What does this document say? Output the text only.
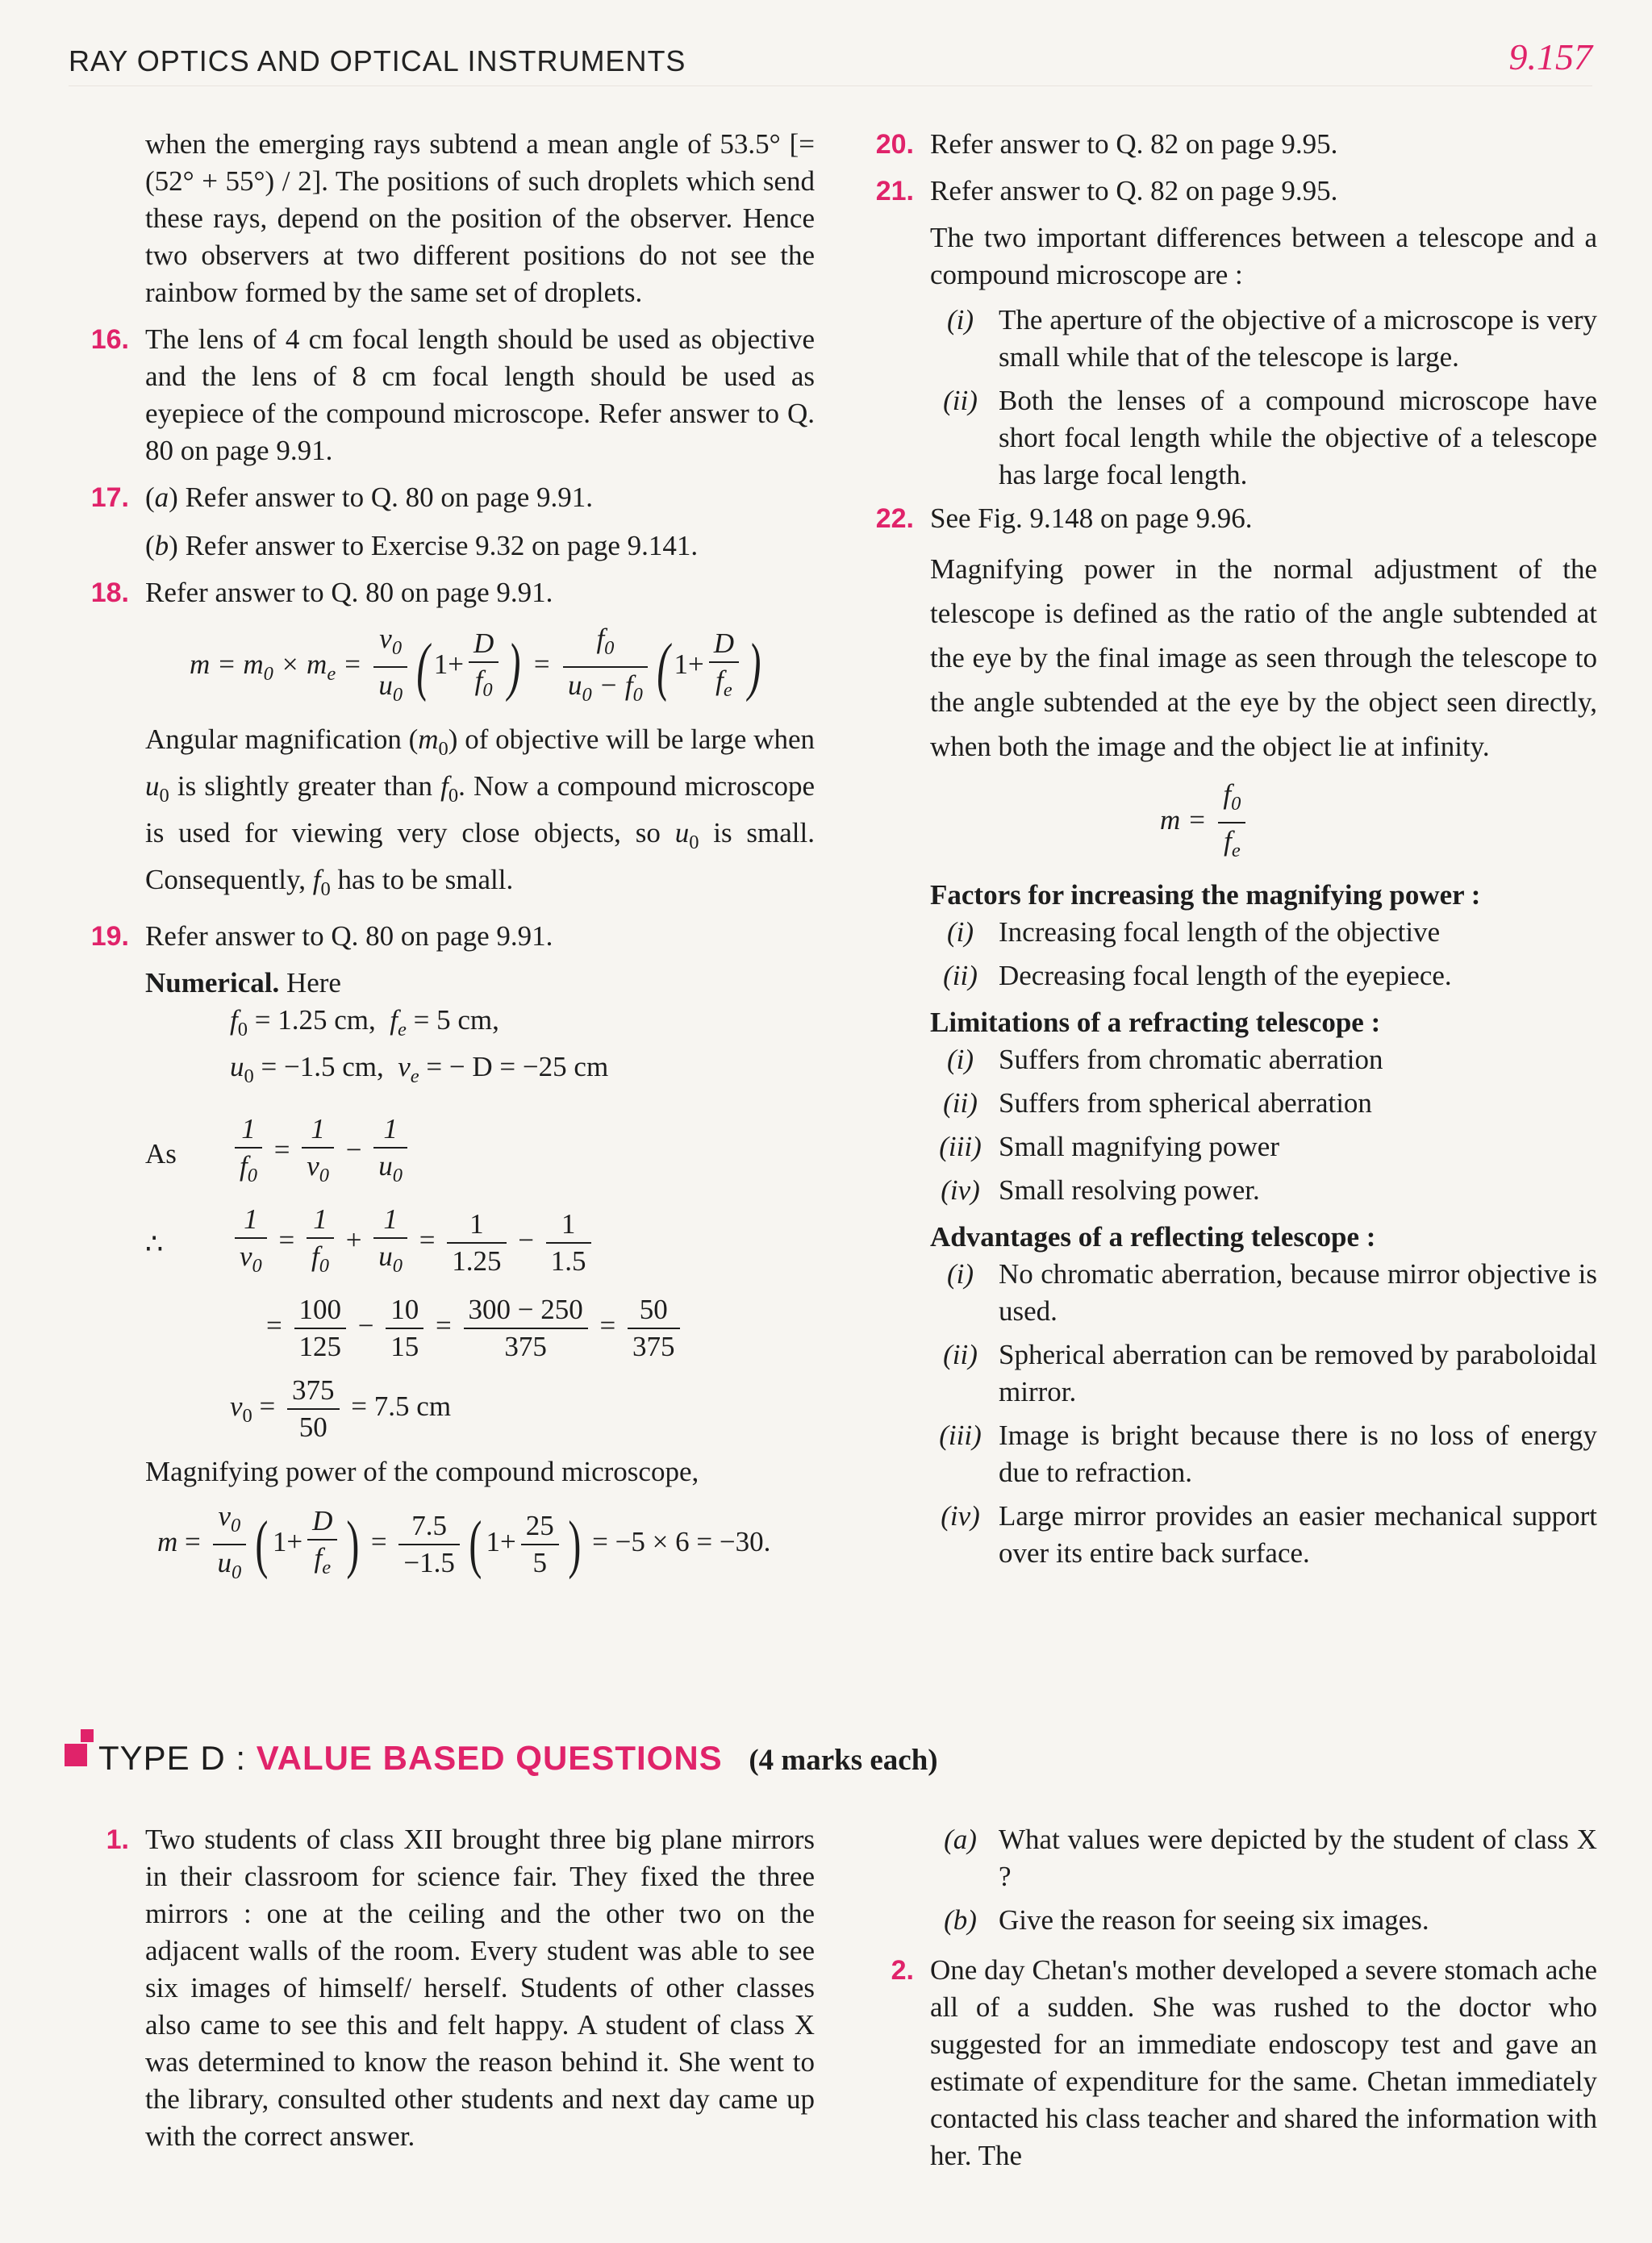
RAY OPTICS AND OPTICAL INSTRUMENTS	9.157
when the emerging rays subtend a mean angle of 53.5° [= (52° + 55°) / 2]. The positions of such droplets which send these rays, depend on the position of the observer. Hence two observers at two different positions do not see the rainbow formed by the same set of droplets.
16. The lens of 4 cm focal length should be used as objective and the lens of 8 cm focal length should be used as eyepiece of the compound microscope. Refer answer to Q. 80 on page 9.91.
17. (a) Refer answer to Q. 80 on page 9.91.
(b) Refer answer to Exercise 9.32 on page 9.141.
18. Refer answer to Q. 80 on page 9.91.
$m = m_0 \times m_e = \frac{v_0}{u_0}$ ( $1+ \frac{D}{f_0}$ ) = $\frac{f_0}{u_0 - f_0}$ ( $1+ \frac{D}{f_e}$ )
Angular magnification $(m_0)$ of objective will be large when $u_0$ is slightly greater than $f_0$. Now a compound microscope is used for viewing very close objects, so $u_0$ is small. Consequently, $f_0$ has to be small.
19. Refer answer to Q. 80 on page 9.91.
Numerical. Here
$f_0 = 1.25$ cm, $f_e = 5$ cm,
$u_0 = -1.5$ cm, $v_e$ = − D = −25 cm
As $\frac{1}{f_0} = \frac{1}{v_0} - \frac{1}{u_0}$
∴	$\frac{1}{v_0} = \frac{1}{f_0} + \frac{1}{u_0} = \frac{1}{1.25} - \frac{1}{1.5}$
= $\frac{100}{125} - \frac{10}{15} = \frac{300 - 250}{375} = \frac{50}{375}$
$v_0 = \frac{375}{50} = 7.5$ cm
Magnifying power of the compound microscope,
$m = \frac{v_0}{u_0}$ ( $1+ \frac{D}{f_e}$ ) = $\frac{7.5}{-1.5}$ ( $1+ \frac{25}{5}$ ) = −5 × 6 = −30.
20. Refer answer to Q. 82 on page 9.95.
21. Refer answer to Q. 82 on page 9.95.
The two important differences between a telescope and a compound microscope are :
(i) The aperture of the objective of a microscope is very small while that of the telescope is large.
(ii) Both the lenses of a compound microscope have short focal length while the objective of a telescope has large focal length.
22. See Fig. 9.148 on page 9.96.
Magnifying power in the normal adjustment of the telescope is defined as the ratio of the angle subtended at the eye by the final image as seen through the telescope to the angle subtended at the eye by the object seen directly, when both the image and the object lie at infinity.
$m = \frac{f_0}{f_e}$
Factors for increasing the magnifying power :
(i) Increasing focal length of the objective
(ii) Decreasing focal length of the eyepiece.
Limitations of a refracting telescope :
(i) Suffers from chromatic aberration
(ii) Suffers from spherical aberration
(iii) Small magnifying power
(iv) Small resolving power.
Advantages of a reflecting telescope :
(i) No chromatic aberration, because mirror objective is used.
(ii) Spherical aberration can be removed by paraboloidal mirror.
(iii) Image is bright because there is no loss of energy due to refraction.
(iv) Large mirror provides an easier mechanical support over its entire back surface.
TYPE D : VALUE BASED QUESTIONS (4 marks each)
1. Two students of class XII brought three big plane mirrors in their classroom for science fair. They fixed the three mirrors : one at the ceiling and the other two on the adjacent walls of the room. Every student was able to see six images of himself/ herself. Students of other classes also came to see this and felt happy. A student of class X was determined to know the reason behind it. She went to the library, consulted other students and next day came up with the correct answer.
(a) What values were depicted by the student of class X ?
(b) Give the reason for seeing six images.
2. One day Chetan's mother developed a severe stomach ache all of a sudden. She was rushed to the doctor who suggested for an immediate endoscopy test and gave an estimate of expenditure for the same. Chetan immediately contacted his class teacher and shared the information with her. The
